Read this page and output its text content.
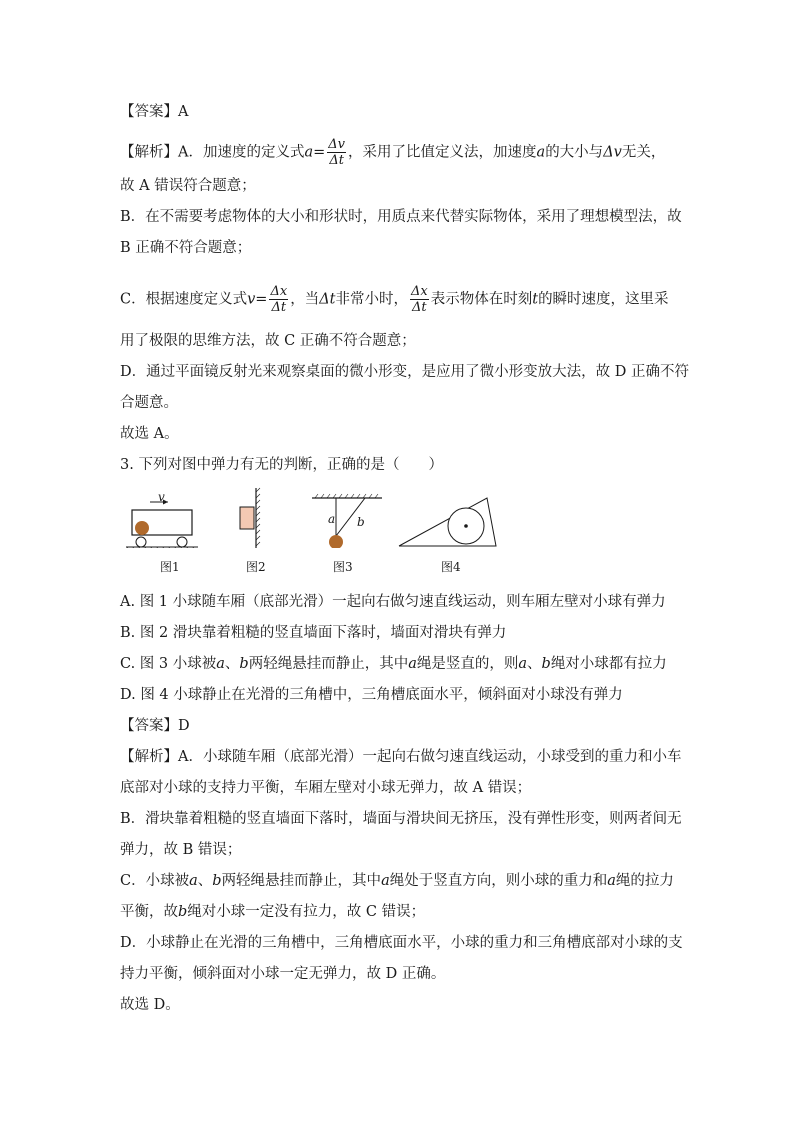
【答案】A
【解析】A．加速度的定义式$a= \frac{\Delta v}{\Delta t}$ ，采用了比值定义法，加速度a的大小与Δv无关，
故 A 错误符合题意；
B．在不需要考虑物体的大小和形状时，用质点来代替实际物体，采用了理想模型法，故
B 正确不符合题意；
C．根据速度定义式$v= \frac{\Delta x}{\Delta t}$ ，当Δt非常小时， $\frac{\Delta x}{\Delta t}$ 表示物体在时刻t的瞬时速度，这里采
用了极限的思维方法，故 C 正确不符合题意；
D．通过平面镜反射光来观察桌面的微小形变，是应用了微小形变放大法，故 D 正确不符
合题意。
故选 A。
3. 下列对图中弹力有无的判断，正确的是（　　）
v
a b
图1	图2	图3	图4
A. 图 1 小球随车厢（底部光滑）一起向右做匀速直线运动，则车厢左壁对小球有弹力
B. 图 2 滑块靠着粗糙的竖直墙面下落时，墙面对滑块有弹力
C. 图 3 小球被a、b两轻绳悬挂而静止，其中a绳是竖直的，则a、b绳对小球都有拉力
D. 图 4 小球静止在光滑的三角槽中，三角槽底面水平，倾斜面对小球没有弹力
【答案】D
【解析】A．小球随车厢（底部光滑）一起向右做匀速直线运动，小球受到的重力和小车
底部对小球的支持力平衡，车厢左壁对小球无弹力，故 A 错误；
B．滑块靠着粗糙的竖直墙面下落时，墙面与滑块间无挤压，没有弹性形变，则两者间无
弹力，故 B 错误；
C．小球被a、b两轻绳悬挂而静止，其中a绳处于竖直方向，则小球的重力和a绳的拉力
平衡，故b绳对小球一定没有拉力，故 C 错误；
D．小球静止在光滑的三角槽中，三角槽底面水平，小球的重力和三角槽底部对小球的支
持力平衡，倾斜面对小球一定无弹力，故 D 正确。
故选 D。
